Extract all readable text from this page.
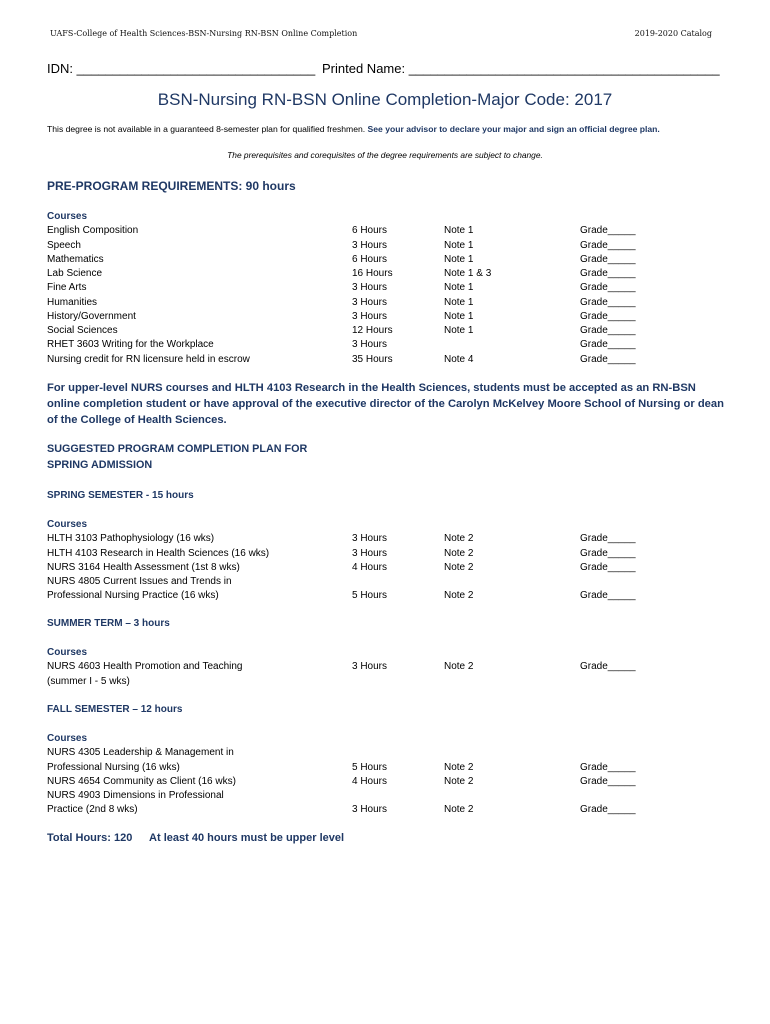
UAFS-College of Health Sciences-BSN-Nursing RN-BSN Online Completion	2019-2020 Catalog
IDN: _________________________________ Printed Name: ___________________________________________
BSN-Nursing RN-BSN Online Completion-Major Code: 2017
This degree is not available in a guaranteed 8-semester plan for qualified freshmen. See your advisor to declare your major and sign an official degree plan.
The prerequisites and corequisites of the degree requirements are subject to change.
PRE-PROGRAM REQUIREMENTS: 90 hours
Courses
English Composition	6 Hours	Note 1	Grade_____
Speech	3 Hours	Note 1	Grade_____
Mathematics	6 Hours	Note 1	Grade_____
Lab Science	16 Hours	Note 1 & 3	Grade_____
Fine Arts	3 Hours	Note 1	Grade_____
Humanities	3 Hours	Note 1	Grade_____
History/Government	3 Hours	Note 1	Grade_____
Social Sciences	12 Hours	Note 1	Grade_____
RHET 3603 Writing for the Workplace	3 Hours		Grade_____
Nursing credit for RN licensure held in escrow	35 Hours	Note 4	Grade_____
For upper-level NURS courses and HLTH 4103 Research in the Health Sciences, students must be accepted as an RN-BSN online completion student or have approval of the executive director of the Carolyn McKelvey Moore School of Nursing or dean of the College of Health Sciences.
SUGGESTED PROGRAM COMPLETION PLAN FOR
SPRING ADMISSION
SPRING SEMESTER - 15 hours
Courses
HLTH 3103 Pathophysiology (16 wks)	3 Hours	Note 2	Grade_____
HLTH 4103 Research in Health Sciences (16 wks)	3 Hours	Note 2	Grade_____
NURS 3164 Health Assessment (1st 8 wks)	4 Hours	Note 2	Grade_____
NURS 4805 Current Issues and Trends in			
Professional Nursing Practice (16 wks)	5 Hours	Note 2	Grade_____
SUMMER TERM – 3 hours
Courses
NURS 4603 Health Promotion and Teaching	3 Hours	Note 2	Grade_____
(summer I - 5 wks)			
FALL SEMESTER – 12 hours
Courses
NURS 4305 Leadership & Management in			
Professional Nursing (16 wks)	5 Hours	Note 2	Grade_____
NURS 4654 Community as Client (16 wks)	4 Hours	Note 2	Grade_____
NURS 4903 Dimensions in Professional			
Practice (2nd 8 wks)	3 Hours	Note 2	Grade_____
Total Hours: 120 At least 40 hours must be upper level
